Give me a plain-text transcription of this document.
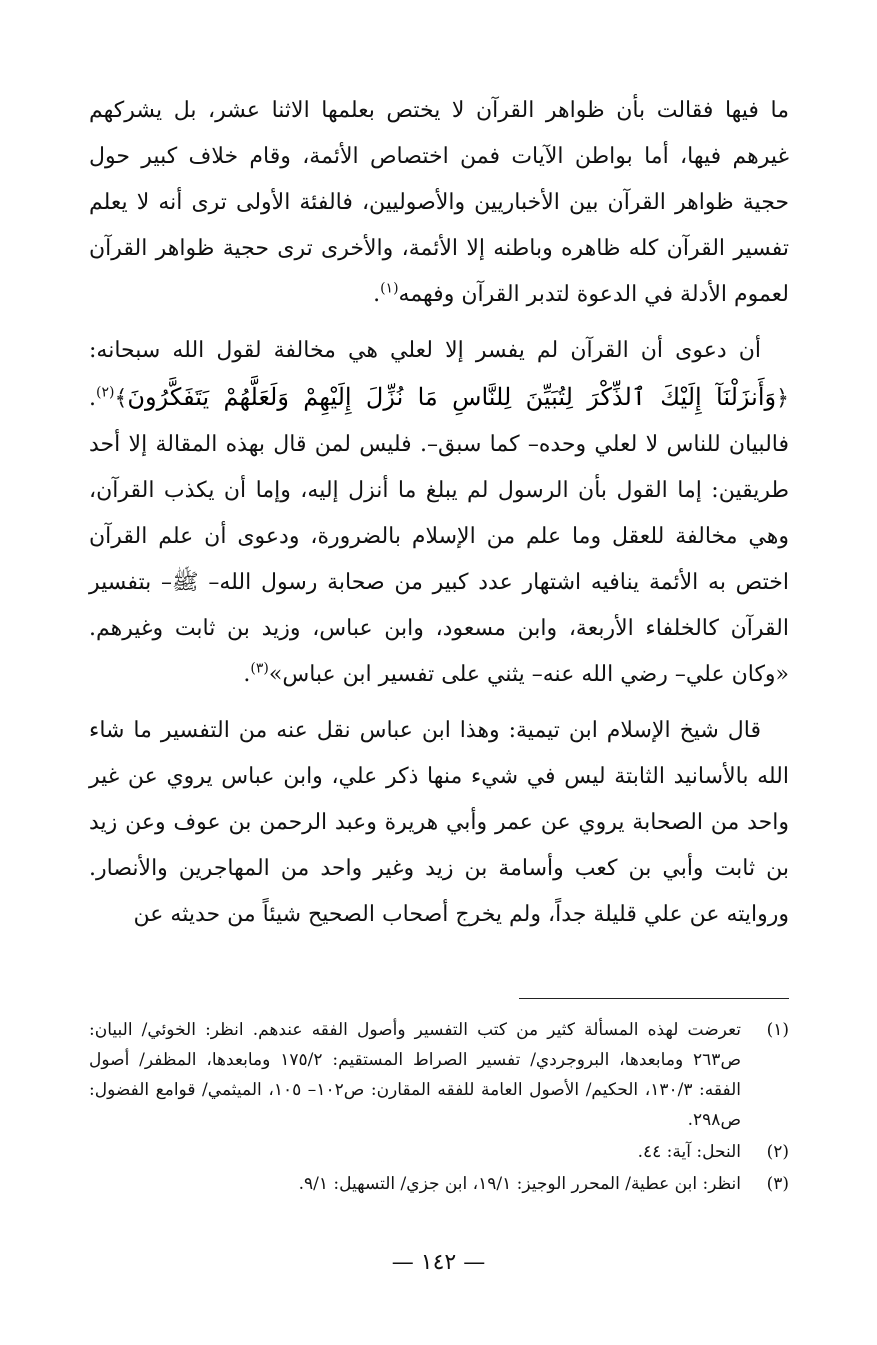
ما فيها فقالت بأن ظواهر القرآن لا يختص بعلمها الاثنا عشر، بل يشركهم غيرهم فيها، أما بواطن الآيات فمن اختصاص الأئمة، وقام خلاف كبير حول حجية ظواهر القرآن بين الأخباريين والأصوليين، فالفئة الأولى ترى أنه لا يعلم تفسير القرآن كله ظاهره وباطنه إلا الأئمة، والأخرى ترى حجية ظواهر القرآن لعموم الأدلة في الدعوة لتدبر القرآن وفهمه$^{(١)}$.

أن دعوى أن القرآن لم يفسر إلا لعلي هي مخالفة لقول الله سبحانه: ﴿وَأَنزَلْنَآ إِلَيْكَ ٱلذِّكْرَ لِتُبَيِّنَ لِلنَّاسِ مَا نُزِّلَ إِلَيْهِمْ وَلَعَلَّهُمْ يَتَفَكَّرُونَ﴾$^{(٢)}$. فالبيان للناس لا لعلي وحده– كما سبق–. فليس لمن قال بهذه المقالة إلا أحد طريقين: إما القول بأن الرسول لم يبلغ ما أنزل إليه، وإما أن يكذب القرآن، وهي مخالفة للعقل وما علم من الإسلام بالضرورة، ودعوى أن علم القرآن اختص به الأئمة ينافيه اشتهار عدد كبير من صحابة رسول الله– ﷺ– بتفسير القرآن كالخلفاء الأربعة، وابن مسعود، وابن عباس، وزيد بن ثابت وغيرهم. «وكان علي– رضي الله عنه– يثني على تفسير ابن عباس»$^{(٣)}$.

قال شيخ الإسلام ابن تيمية: وهذا ابن عباس نقل عنه من التفسير ما شاء الله بالأسانيد الثابتة ليس في شيء منها ذكر علي، وابن عباس يروي عن غير واحد من الصحابة يروي عن عمر وأبي هريرة وعبد الرحمن بن عوف وعن زيد بن ثابت وأبي بن كعب وأسامة بن زيد وغير واحد من المهاجرين والأنصار. وروايته عن علي قليلة جداً، ولم يخرج أصحاب الصحيح شيئاً من حديثه عن

(١)
تعرضت لهذه المسألة كثير من كتب التفسير وأصول الفقه عندهم. انظر: الخوئي/ البيان: ص٢٦٣ ومابعدها، البروجردي/ تفسير الصراط المستقيم: ١٧٥/٢ ومابعدها، المظفر/ أصول الفقه: ١٣٠/٣، الحكيم/ الأصول العامة للفقه المقارن: ص١٠٢– ١٠٥، الميثمي/ قوامع الفضول: ص٢٩٨.
(٢)
النحل: آية: ٤٤.
(٣)
انظر: ابن عطية/ المحرر الوجيز: ١٩/١، ابن جزي/ التسهيل: ٩/١.
— ١٤٢ —
